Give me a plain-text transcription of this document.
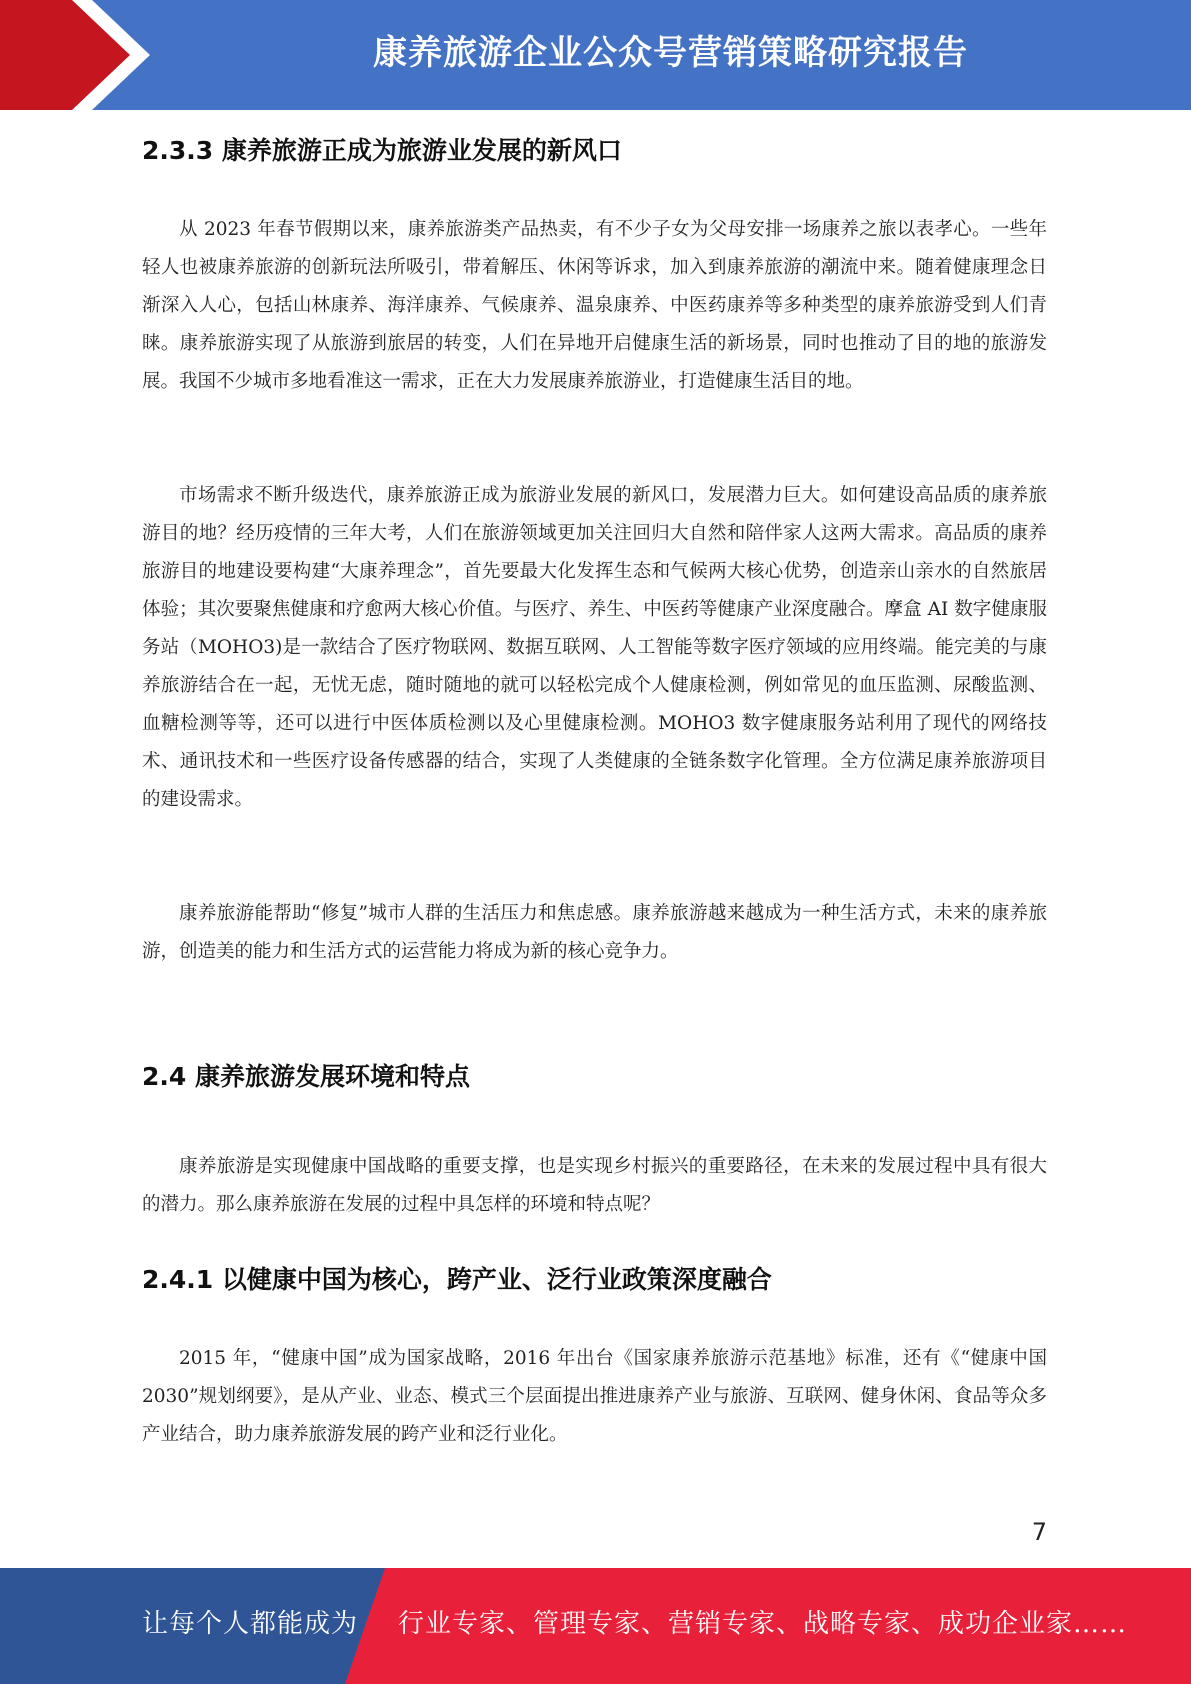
康养旅游企业公众号营销策略研究报告
2.3.3 康养旅游正成为旅游业发展的新风口

从 2023 年春节假期以来，康养旅游类产品热卖，有不少子女为父母安排一场康养之旅以表孝心。一些年轻人也被康养旅游的创新玩法所吸引，带着解压、休闲等诉求，加入到康养旅游的潮流中来。随着健康理念日渐深入人心，包括山林康养、海洋康养、气候康养、温泉康养、中医药康养等多种类型的康养旅游受到人们青睐。康养旅游实现了从旅游到旅居的转变，人们在异地开启健康生活的新场景，同时也推动了目的地的旅游发展。我国不少城市多地看准这一需求，正在大力发展康养旅游业，打造健康生活目的地。

市场需求不断升级迭代，康养旅游正成为旅游业发展的新风口，发展潜力巨大。如何建设高品质的康养旅游目的地？经历疫情的三年大考，人们在旅游领域更加关注回归大自然和陪伴家人这两大需求。高品质的康养旅游目的地建设要构建“大康养理念”，首先要最大化发挥生态和气候两大核心优势，创造亲山亲水的自然旅居体验；其次要聚焦健康和疗愈两大核心价值。与医疗、养生、中医药等健康产业深度融合。摩盒 AI 数字健康服务站（MOHO3)是一款结合了医疗物联网、数据互联网、人工智能等数字医疗领域的应用终端。能完美的与康养旅游结合在一起，无忧无虑，随时随地的就可以轻松完成个人健康检测，例如常见的血压监测、尿酸监测、血糖检测等等，还可以进行中医体质检测以及心里健康检测。MOHO3 数字健康服务站利用了现代的网络技术、通讯技术和一些医疗设备传感器的结合，实现了人类健康的全链条数字化管理。全方位满足康养旅游项目的建设需求。

康养旅游能帮助“修复”城市人群的生活压力和焦虑感。康养旅游越来越成为一种生活方式，未来的康养旅游，创造美的能力和生活方式的运营能力将成为新的核心竞争力。

2.4 康养旅游发展环境和特点

康养旅游是实现健康中国战略的重要支撑，也是实现乡村振兴的重要路径，在未来的发展过程中具有很大的潜力。那么康养旅游在发展的过程中具怎样的环境和特点呢？

2.4.1 以健康中国为核心，跨产业、泛行业政策深度融合

2015 年，“健康中国”成为国家战略，2016 年出台《国家康养旅游示范基地》标准，还有《“健康中国 2030”规划纲要》，是从产业、业态、模式三个层面提出推进康养产业与旅游、互联网、健身休闲、食品等众多产业结合，助力康养旅游发展的跨产业和泛行业化。

7
让每个人都能成为 行业专家、管理专家、营销专家、战略专家、成功企业家……
